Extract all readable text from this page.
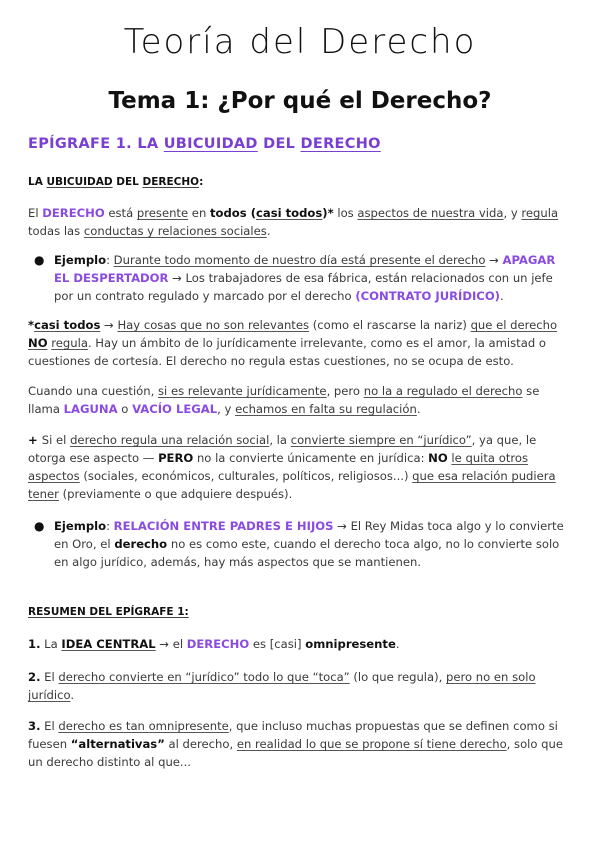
Teoría del Derecho
Tema 1: ¿Por qué el Derecho?
EPÍGRAFE 1. LA UBICUIDAD DEL DERECHO
LA UBICUIDAD DEL DERECHO:
El DERECHO está presente en todos (casi todos)* los aspectos de nuestra vida, y regula todas las conductas y relaciones sociales.
● Ejemplo: Durante todo momento de nuestro día está presente el derecho → APAGAR EL DESPERTADOR → Los trabajadores de esa fábrica, están relacionados con un jefe por un contrato regulado y marcado por el derecho (CONTRATO JURÍDICO).
*casi todos → Hay cosas que no son relevantes (como el rascarse la nariz) que el derecho NO regula. Hay un ámbito de lo jurídicamente irrelevante, como es el amor, la amistad o cuestiones de cortesía. El derecho no regula estas cuestiones, no se ocupa de esto.
Cuando una cuestión, si es relevante jurídicamente, pero no la a regulado el derecho se llama LAGUNA o VACÍO LEGAL, y echamos en falta su regulación.
+ Si el derecho regula una relación social, la convierte siempre en “jurídico”, ya que, le otorga ese aspecto — PERO no la convierte únicamente en jurídica: NO le quita otros aspectos (sociales, económicos, culturales, políticos, religiosos...) que esa relación pudiera tener (previamente o que adquiere después).
● Ejemplo: RELACIÓN ENTRE PADRES E HIJOS → El Rey Midas toca algo y lo convierte en Oro, el derecho no es como este, cuando el derecho toca algo, no lo convierte solo en algo jurídico, además, hay más aspectos que se mantienen.
RESUMEN DEL EPÍGRAFE 1:
1. La IDEA CENTRAL → el DERECHO es [casi] omnipresente.
2. El derecho convierte en “jurídico” todo lo que “toca” (lo que regula), pero no en solo jurídico.
3. El derecho es tan omnipresente, que incluso muchas propuestas que se definen como si fuesen “alternativas” al derecho, en realidad lo que se propone sí tiene derecho, solo que un derecho distinto al que...
